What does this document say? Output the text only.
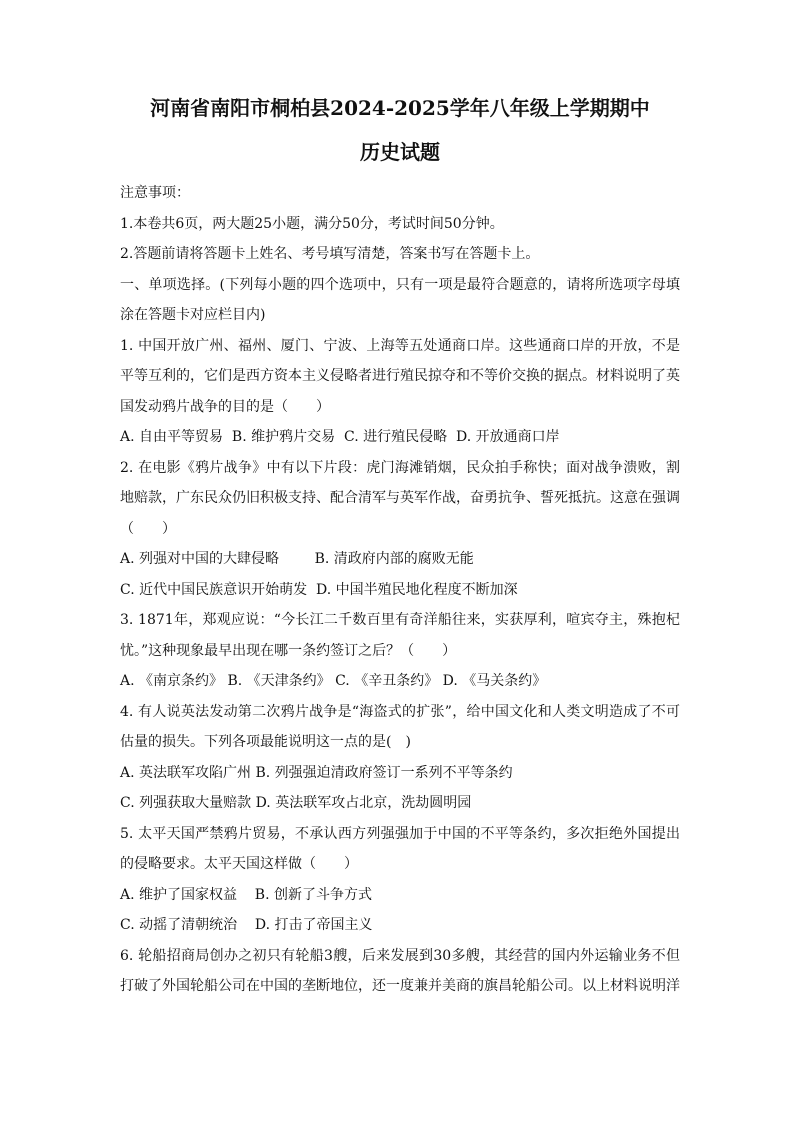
河南省南阳市桐柏县2024-2025学年八年级上学期期中
历史试题
注意事项：
1.本卷共6页，两大题25小题，满分50分，考试时间50分钟。
2.答题前请将答题卡上姓名、考号填写清楚，答案书写在答题卡上。
一、单项选择。(下列每小题的四个选项中，只有一项是最符合题意的，请将所选项字母填涂在答题卡对应栏目内)
1. 中国开放广州、福州、厦门、宁波、上海等五处通商口岸。这些通商口岸的开放，不是平等互利的，它们是西方资本主义侵略者进行殖民掠夺和不等价交换的据点。材料说明了英国发动鸦片战争的目的是（　　）
A. 自由平等贸易  B. 维护鸦片交易  C. 进行殖民侵略  D. 开放通商口岸
2. 在电影《鸦片战争》中有以下片段：虎门海滩销烟，民众拍手称快；面对战争溃败，割地赔款，广东民众仍旧积极支持、配合清军与英军作战，奋勇抗争、誓死抵抗。这意在强调（　　）
A. 列强对中国的大肆侵略        B. 清政府内部的腐败无能
C. 近代中国民族意识开始萌发  D. 中国半殖民地化程度不断加深
3. 1871年，郑观应说：“今长江二千数百里有奇洋船往来，实获厚利，喧宾夺主，殊抱杞忧。”这种现象最早出现在哪一条约签订之后？（　　）
A. 《南京条约》 B. 《天津条约》 C. 《辛丑条约》 D. 《马关条约》
4. 有人说英法发动第二次鸦片战争是“海盗式的扩张”，给中国文化和人类文明造成了不可估量的损失。下列各项最能说明这一点的是(　)
A. 英法联军攻陷广州 B. 列强强迫清政府签订一系列不平等条约
C. 列强获取大量赔款 D. 英法联军攻占北京，洗劫圆明园
5. 太平天国严禁鸦片贸易，不承认西方列强强加于中国的不平等条约，多次拒绝外国提出的侵略要求。太平天国这样做（　　）
A. 维护了国家权益    B. 创新了斗争方式
C. 动摇了清朝统治    D. 打击了帝国主义
6. 轮船招商局创办之初只有轮船3艘，后来发展到30多艘，其经营的国内外运输业务不但打破了外国轮船公司在中国的垄断地位，还一度兼并美商的旗昌轮船公司。以上材料说明洋
